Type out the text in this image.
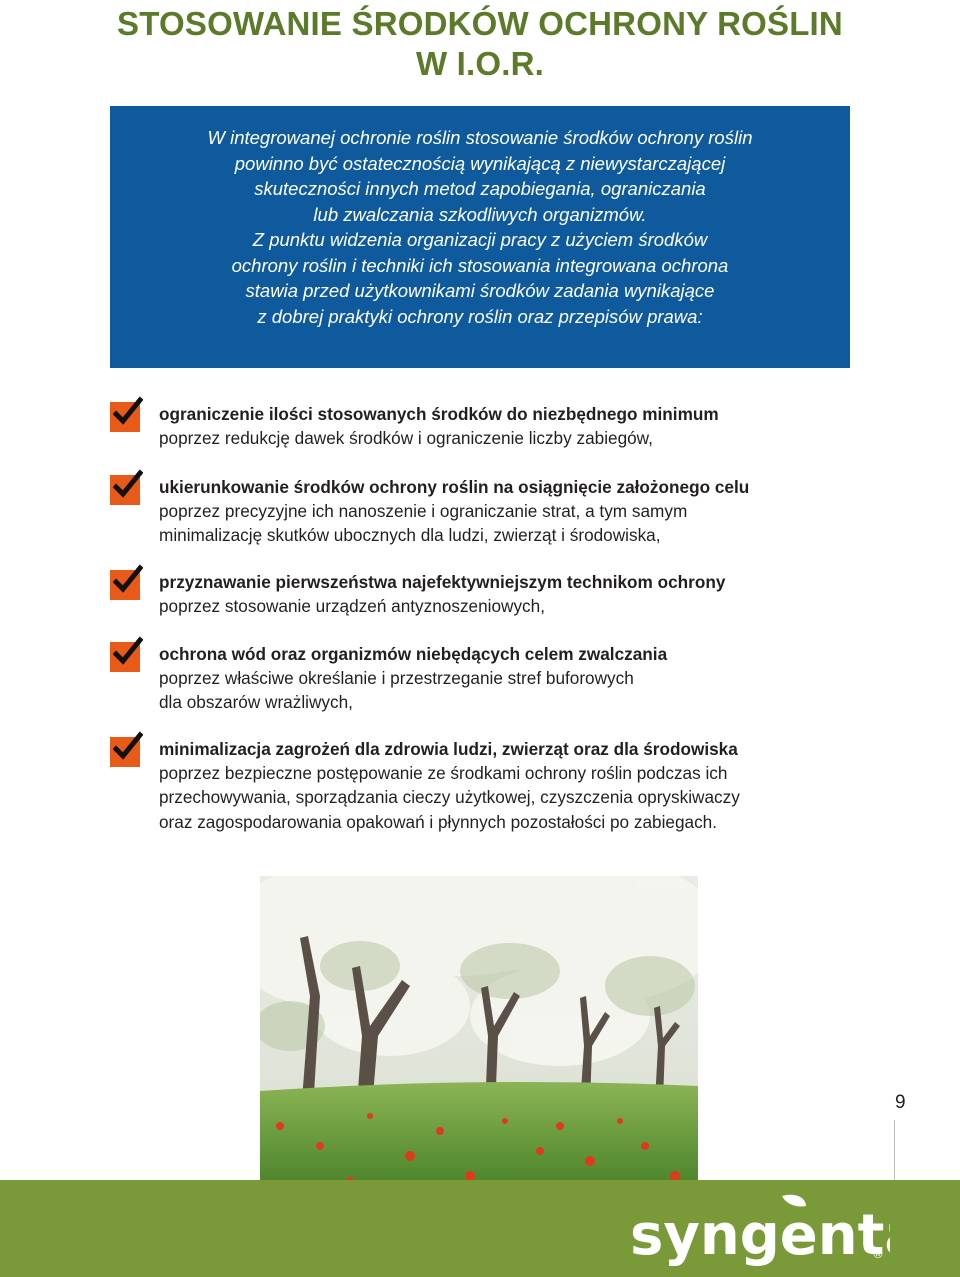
STOSOWANIE ŚRODKÓW OCHRONY ROŚLIN
W I.O.R.

W integrowanej ochronie roślin stosowanie środków ochrony roślin

powinno być ostatecznością wynikającą z niewystarczającej

skuteczności innych metod zapobiegania, ograniczania

lub zwalczania szkodliwych organizmów.

Z punktu widzenia organizacji pracy z użyciem środków

ochrony roślin i techniki ich stosowania integrowana ochrona

stawia przed użytkownikami środków zadania wynikające

z dobrej praktyki ochrony roślin oraz przepisów prawa:

ograniczenie ilości stosowanych środków do niezbędnego minimum
poprzez redukcję dawek środków i ograniczenie liczby zabiegów,
ukierunkowanie środków ochrony roślin na osiągnięcie założonego celu
poprzez precyzyjne ich nanoszenie i ograniczanie strat, a tym samym
minimalizację skutków ubocznych dla ludzi, zwierząt i środowiska,
przyznawanie pierwszeństwa najefektywniejszym technikom ochrony
poprzez stosowanie urządzeń antyznoszeniowych,
ochrona wód oraz organizmów niebędących celem zwalczania
poprzez właściwe określanie i przestrzeganie stref buforowych
dla obszarów wrażliwych,
minimalizacja zagrożeń dla zdrowia ludzi, zwierząt oraz dla środowiska
poprzez bezpieczne postępowanie ze środkami ochrony roślin podczas ich
przechowywania, sporządzania cieczy użytkowej, czyszczenia opryskiwaczy
oraz zagospodarowania opakowań i płynnych pozostałości po zabiegach.
9
syngent
®
